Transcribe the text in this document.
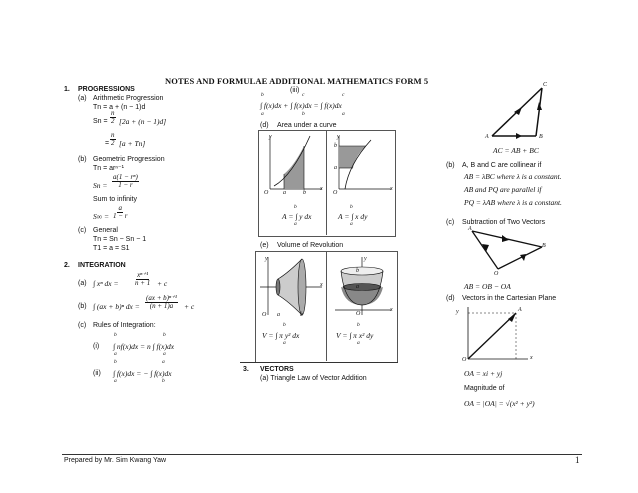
NOTES AND FORMULAE ADDITIONAL MATHEMATICS FORM 5
1. PROGRESSIONS
(a) Arithmetic Progression
Tn = a + (n − 1)d
$Sn = \frac{n}{2} [2a + (n - 1)d]$
= $\frac{n}{2} [a + Tn]$
(b) Geometric Progression
Tn = arⁿ⁻¹
$Sn = \frac{\text{a(1 − rⁿ)}}{1 - r}$
Sum to infinity
$S\infty = \frac{a}{1 - r}$
(c) General
Tn = Sn − Sn − 1
T1 = a = S1
2. INTEGRATION
(a) ∫ xⁿ dx = $\frac{\text{xⁿ⁺¹}}{n + 1} + c$
(b) ∫ (ax + b)ⁿ dx = $\frac{\text{(ax + b)ⁿ⁺¹}}{(n + 1)a} + c$
(c) Rules of Integration:
(i) ∫ nf(x)dx = n ∫ f(x)dx
b
a
b
a
(ii) ∫ f(x)dx = − ∫ f(x)dx
b
a
a
b
(iii)
∫ f(x)dx + ∫ f(x)dx = ∫ f(x)dx
b
a
c
b
c
a
(d) Area under a curve
y
x
O a	b
y
x
O
b
a
A = ∫ y dx
b
a
A = ∫ x dy
b
a
(e) Volume of Revolution
y
x
O a	b
y
x
O
b
a
V = ∫ π y² dx
b
a
V = ∫ π x² dy
b
a
3. VECTORS
(a) Triangle Law of Vector Addition
C
A	B
AC = AB + BC
(b) A, B and C are collinear if
AB = λBC where λ is a constant.
AB and PQ are parallel if
PQ = λAB where λ is a constant.
(c) Subtraction of Two Vectors
A
B
O
AB = OB − OA
(d) Vectors in the Cartesian Plane
y
x
O
A
OA = xi + yj
Magnitude of
OA = |OA| = √(x² + y²)
Prepared by Mr. Sim Kwang Yaw	1
